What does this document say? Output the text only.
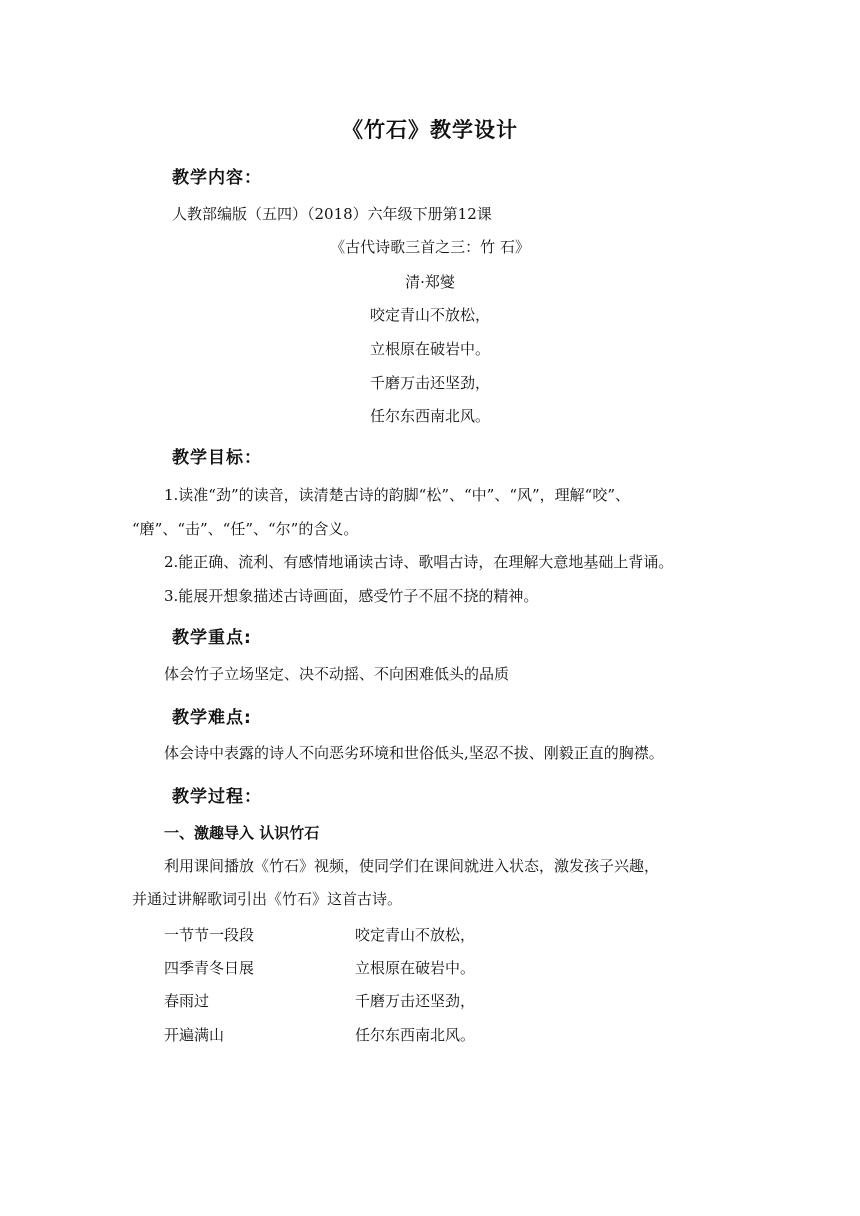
《竹石》教学设计
教学内容：
人教部编版（五四）（2018）六年级下册第12课
《古代诗歌三首之三：竹 石》
清·郑燮
咬定青山不放松，
立根原在破岩中。
千磨万击还坚劲，
任尔东西南北风。
教学目标：
1.读准“劲”的读音，读清楚古诗的韵脚“松”、“中”、“风”，理解“咬”、
“磨”、“击”、“任”、“尔”的含义。
2.能正确、流利、有感情地诵读古诗、歌唱古诗，在理解大意地基础上背诵。
3.能展开想象描述古诗画面，感受竹子不屈不挠的精神。
教学重点:
体会竹子立场坚定、决不动摇、不向困难低头的品质
教学难点:
体会诗中表露的诗人不向恶劣环境和世俗低头,坚忍不拔、刚毅正直的胸襟。
教学过程：
一、激趣导入 认识竹石
利用课间播放《竹石》视频，使同学们在课间就进入状态，激发孩子兴趣，
并通过讲解歌词引出《竹石》这首古诗。
一节节一段段	咬定青山不放松，
四季青冬日展	立根原在破岩中。
春雨过	千磨万击还坚劲，
开遍满山	任尔东西南北风。
